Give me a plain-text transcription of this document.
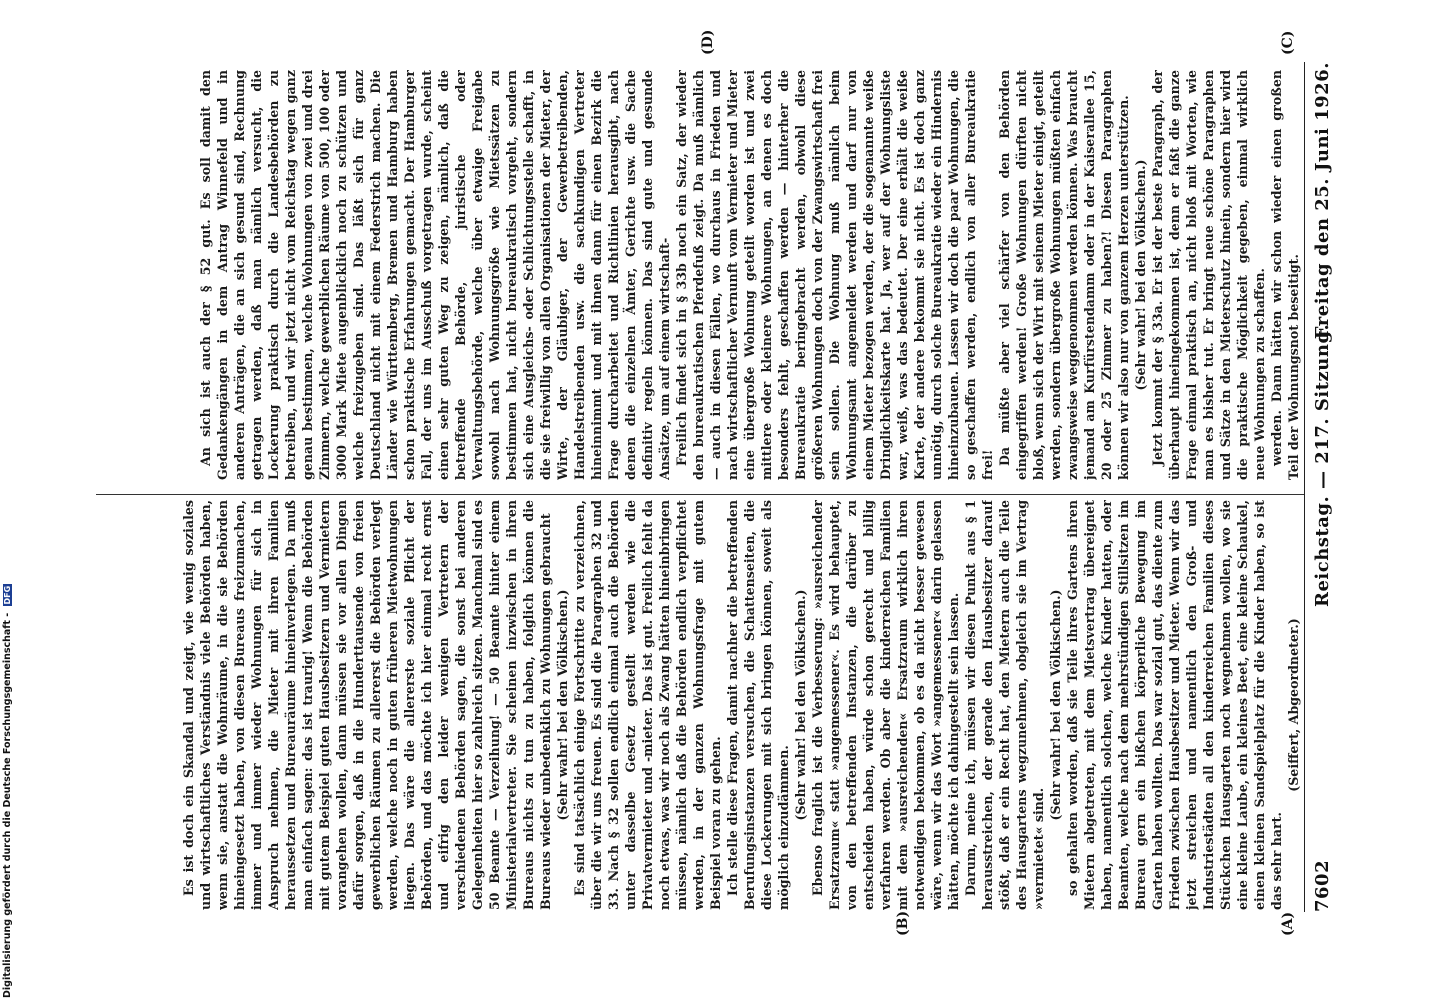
7602
Reichstag. — 217. Sitzung.
Freitag den 25. Juni 1926.

(Seiffert, Abgeordneter.)

so gehalten worden, daß sie Teile ihres Gartens ihren Mietern abgetreten, mit dem Mietsvertrag übereignet haben, namentlich solchen, welche Kinder hatten, oder Beamten, welche nach dem mehrstündigen Stillsitzen im Bureau gern ein bißchen körperliche Bewegung im Garten haben wollten. Das war sozial gut, das diente zum Frieden zwischen Hausbesitzer und Mieter. Wenn wir das jetzt streichen und namentlich den Groß- und Industriestädten all den kinderreichen Familien dieses Stückchen Hausgarten noch wegnehmen wollen, wo sie eine kleine Laube, ein kleines Beet, eine kleine Schaukel, einen kleinen Sandspielplatz für die Kinder haben, so ist das sehr hart.

(Sehr wahr! bei den Völkischen.)

Darum, meine ich, müssen wir diesen Punkt aus § 1 herausstreichen, der gerade den Hausbesitzer darauf stößt, daß er ein Recht hat, den Mietern auch die Teile des Hausgartens wegzunehmen, obgleich sie im Vertrag »vermietet« sind.

Ebenso fraglich ist die Verbesserung: »ausreichender Ersatzraum« statt »angemessener«. Es wird behauptet, von den betreffenden Instanzen, die darüber zu entscheiden haben, würde schon gerecht und billig verfahren werden. Ob aber die kinderreichen Familien mit dem »ausreichenden« Ersatzraum wirklich ihren notwendigen bekommen, ob es da nicht besser gewesen wäre, wenn wir das Wort »angemessener« darin gelassen hätten, möchte ich dahingestellt sein lassen.

(Sehr wahr! bei den Völkischen.)

Ich stelle diese Fragen, damit nachher die betreffenden Berufungsinstanzen versuchen, die Schattenseiten, die diese Lockerungen mit sich bringen können, soweit als möglich einzudämmen.

Es sind tatsächlich einige Fortschritte zu verzeichnen, über die wir uns freuen. Es sind die Paragraphen 32 und 33. Nach § 32 sollen endlich einmal auch die Behörden unter dasselbe Gesetz gestellt werden wie die Privatvermieter und -mieter. Das ist gut. Freilich fehlt da noch etwas, was wir noch als Zwang hätten hineinbringen müssen, nämlich daß die Behörden endlich verpflichtet werden, in der ganzen Wohnungsfrage mit gutem Beispiel voran zu gehen.

(Sehr wahr! bei den Völkischen.)

Es ist doch ein Skandal und zeigt, wie wenig soziales und wirtschaftliches Verständnis viele Behörden haben, wenn sie, anstatt die Wohnräume, in die sie Behörden hineingesetzt haben, von diesen Bureaus freizumachen, immer und immer wieder Wohnungen für sich in Anspruch nehmen, die Mieter mit ihren Familien heraussetzen und Bureauräume hineinverlegen. Da muß man einfach sagen: das ist traurig! Wenn die Behörden mit gutem Beispiel guten Hausbesitzern und Vermietern vorangehen wollen, dann müssen sie vor allen Dingen dafür sorgen, daß in die Hunderttausende von freien gewerblichen Räumen zu allererst die Behörden verlegt werden, welche noch in guten früheren Mietwohnungen liegen. Das wäre die allererste soziale Pflicht der Behörden, und das möchte ich hier einmal recht ernst und eifrig den leider wenigen Vertretern der verschiedenen Behörden sagen, die sonst bei anderen Gelegenheiten hier so zahlreich sitzen. Manchmal sind es 50 Beamte — Verzeihung! — 50 Beamte hinter einem Ministerialvertreter. Sie scheinen inzwischen in ihren Bureaus nichts zu tun zu haben, folglich können die Bureaus wieder unbedenklich zu Wohnungen gebraucht

werden. Dann hätten wir schon wieder einen großen Teil der Wohnungsnot beseitigt.

Jetzt kommt der § 33a. Er ist der beste Paragraph, der überhaupt hineingekommen ist, denn er faßt die ganze Frage einmal praktisch an, nicht bloß mit Worten, wie man es bisher tut. Er bringt neue schöne Paragraphen und Sätze in den Mieterschutz hinein, sondern hier wird die praktische Möglichkeit gegeben, einmal wirklich neue Wohnungen zu schaffen.

(Sehr wahr! bei den Völkischen.)

Da müßte aber viel schärfer von den Behörden eingegriffen werden! Große Wohnungen dürften nicht bloß, wenn sich der Wirt mit seinem Mieter einigt, geteilt werden, sondern übergroße Wohnungen müßten einfach zwangsweise weggenommen werden können. Was braucht jemand am Kurfürstendamm oder in der Kaiserallee 15, 20 oder 25 Zimmer zu haben?! Diesen Paragraphen können wir also nur von ganzem Herzen unterstützen.

Freilich findet sich in § 33b noch ein Satz, der wieder den bureaukratischen Pferdefuß zeigt. Da muß nämlich — auch in diesen Fällen, wo durchaus in Frieden und nach wirtschaftlicher Vernunft vom Vermieter und Mieter eine übergroße Wohnung geteilt worden ist und zwei mittlere oder kleinere Wohnungen, an denen es doch besonders fehlt, geschaffen werden — hinterher die Bureaukratie beringebracht werden, obwohl diese größeren Wohnungen doch von der Zwangswirtschaft frei sein sollen. Die Wohnung muß nämlich beim Wohnungsamt angemeldet werden und darf nur von einem Mieter bezogen werden, der die sogenannte weiße Dringlichkeitskarte hat. Ja, wer auf der Wohnungsliste war, weiß, was das bedeutet. Der eine erhält die weiße Karte, der andere bekommt sie nicht. Es ist doch ganz unnötig, durch solche Bureaukratie wieder ein Hindernis hineinzubauen. Lassen wir doch die paar Wohnungen, die so geschaffen werden, endlich von aller Bureaukratie frei!

An sich ist auch der § 52 gut. Es soll damit den Gedankengängen in dem Antrag Winnefeld und in anderen Anträgen, die an sich gesund sind, Rechnung getragen werden, daß man nämlich versucht, die Lockerung praktisch durch die Landesbehörden zu betreiben, und wir jetzt nicht vom Reichstag wegen ganz genau bestimmen, welche Wohnungen von zwei und drei Zimmern, welche gewerblichen Räume von 500, 100 oder 3000 Mark Miete augenblicklich noch zu schützen und welche freizugeben sind. Das läßt sich für ganz Deutschland nicht mit einem Federstrich machen. Die Länder wie Württemberg, Bremen und Hamburg haben schon praktische Erfahrungen gemacht. Der Hamburger Fall, der uns im Ausschuß vorgetragen wurde, scheint einen sehr guten Weg zu zeigen, nämlich, daß die betreffende Behörde, juristische oder Verwaltungsbehörde, welche über etwaige Freigabe sowohl nach Wohnungsgröße wie Mietssätzen zu bestimmen hat, nicht bureaukratisch vorgeht, sondern sich eine Ausgleichs- oder Schlichtungsstelle schafft, in die sie freiwillig von allen Organisationen der Mieter, der Wirte, der Gläubiger, der Gewerbetreibenden, Handelstreibenden usw. die sachkundigen Vertreter hineinnimmt und mit ihnen dann für einen Bezirk die Frage durcharbeitet und Richtlinien herausgibt, nach denen die einzelnen Ämter, Gerichte usw. die Sache definitiv regeln können. Das sind gute und gesunde Ansätze, um auf einem wirtschaft-

(A)
(B)
(C)
(D)
Digitalisierung gefördert durch die Deutsche Forschungsgemeinschaft - DFG
